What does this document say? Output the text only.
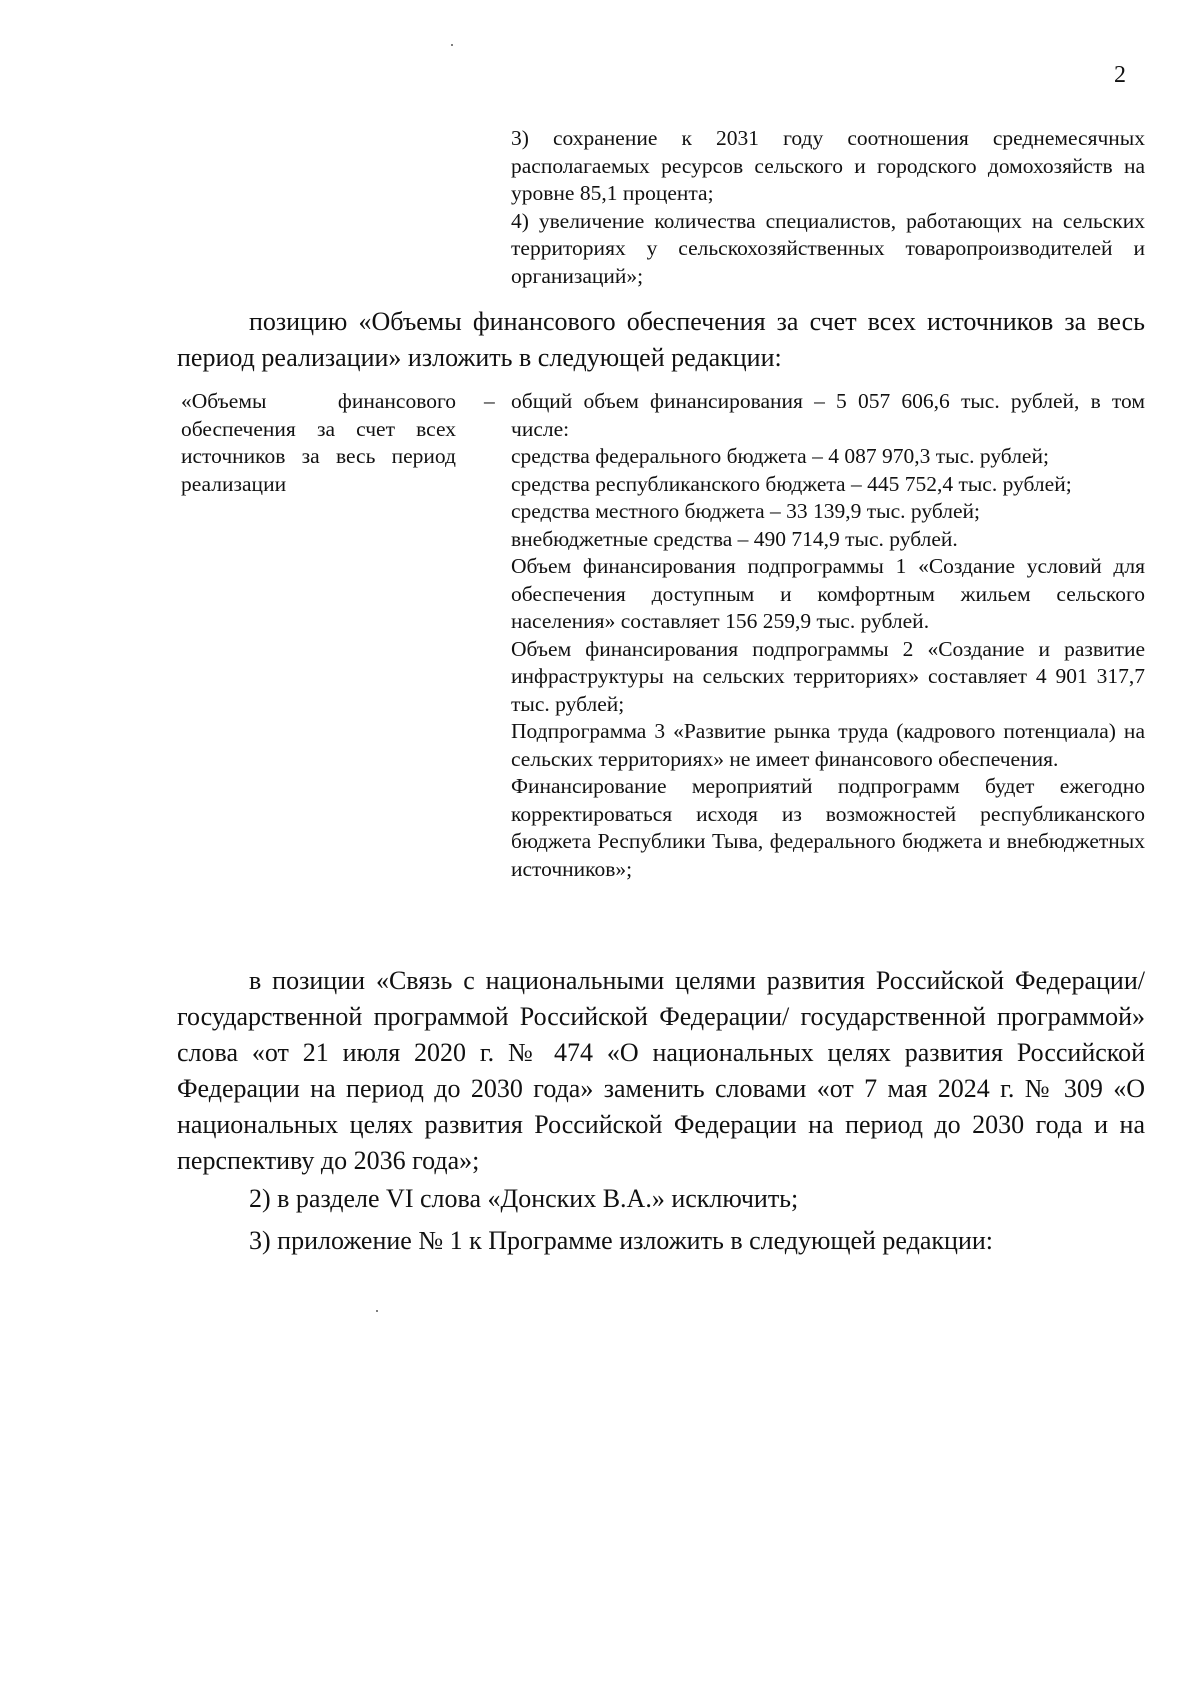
2

3) сохранение к 2031 году соотношения среднемесячных располагаемых ресурсов сельского и городского домохозяйств на уровне 85,1 процента;

4) увеличение количества специалистов, работающих на сельских территориях у сельскохозяйственных товаропроизводителей и организаций»;

позицию «Объемы финансового обеспечения за счет всех источников за весь период реализации» изложить в следующей редакции:

«Объемы финансового обеспечения за счет всех источников за весь период реализации
– общий объем финансирования – 5 057 606,6 тыс. рублей, в том числе:

средства федерального бюджета – 4 087 970,3 тыс. рублей;

средства республиканского бюджета – 445 752,4 тыс. рублей;

средства местного бюджета – 33 139,9 тыс. рублей;

внебюджетные средства – 490 714,9 тыс. рублей.

Объем финансирования подпрограммы 1 «Создание условий для обеспечения доступным и комфортным жильем сельского населения» составляет 156 259,9 тыс. рублей.

Объем финансирования подпрограммы 2 «Создание и развитие инфраструктуры на сельских территориях» составляет 4 901 317,7 тыс. рублей;

Подпрограмма 3 «Развитие рынка труда (кадрового потенциала) на сельских территориях» не имеет финансового обеспечения.

Финансирование мероприятий подпрограмм будет ежегодно корректироваться исходя из возможностей республиканского бюджета Республики Тыва, федерального бюджета и внебюджетных источников»;

в позиции «Связь с национальными целями развития Российской Федерации/ государственной программой Российской Федерации/ государственной программой» слова «от 21 июля 2020 г. № 474 «О национальных целях развития Российской Федерации на период до 2030 года» заменить словами «от 7 мая 2024 г. № 309 «О национальных целях развития Российской Федерации на период до 2030 года и на перспективу до 2036 года»;

2) в разделе VI слова «Донских В.А.» исключить;

3) приложение № 1 к Программе изложить в следующей редакции:
